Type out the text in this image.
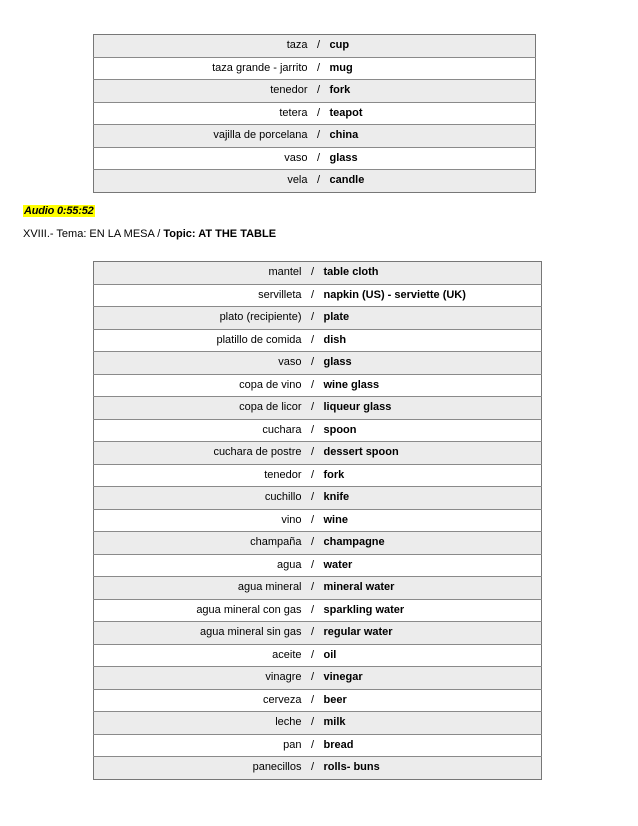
taza	/	cup
taza grande - jarrito	/	mug
tenedor	/	fork
tetera	/	teapot
vajilla de porcelana	/	china
vaso	/	glass
vela	/	candle
Audio 0:55:52
XVIII.- Tema: EN LA MESA / Topic: AT THE TABLE
mantel	/	table cloth
servilleta	/	napkin (US) - serviette (UK)
plato (recipiente)	/	plate
platillo de comida	/	dish
vaso	/	glass
copa de vino	/	wine glass
copa de licor	/	liqueur glass
cuchara	/	spoon
cuchara de postre	/	dessert spoon
tenedor	/	fork
cuchillo	/	knife
vino	/	wine
champaña	/	champagne
agua	/	water
agua mineral	/	mineral water
agua mineral con gas	/	sparkling water
agua mineral sin gas	/	regular water
aceite	/	oil
vinagre	/	vinegar
cerveza	/	beer
leche	/	milk
pan	/	bread
panecillos	/	rolls- buns
